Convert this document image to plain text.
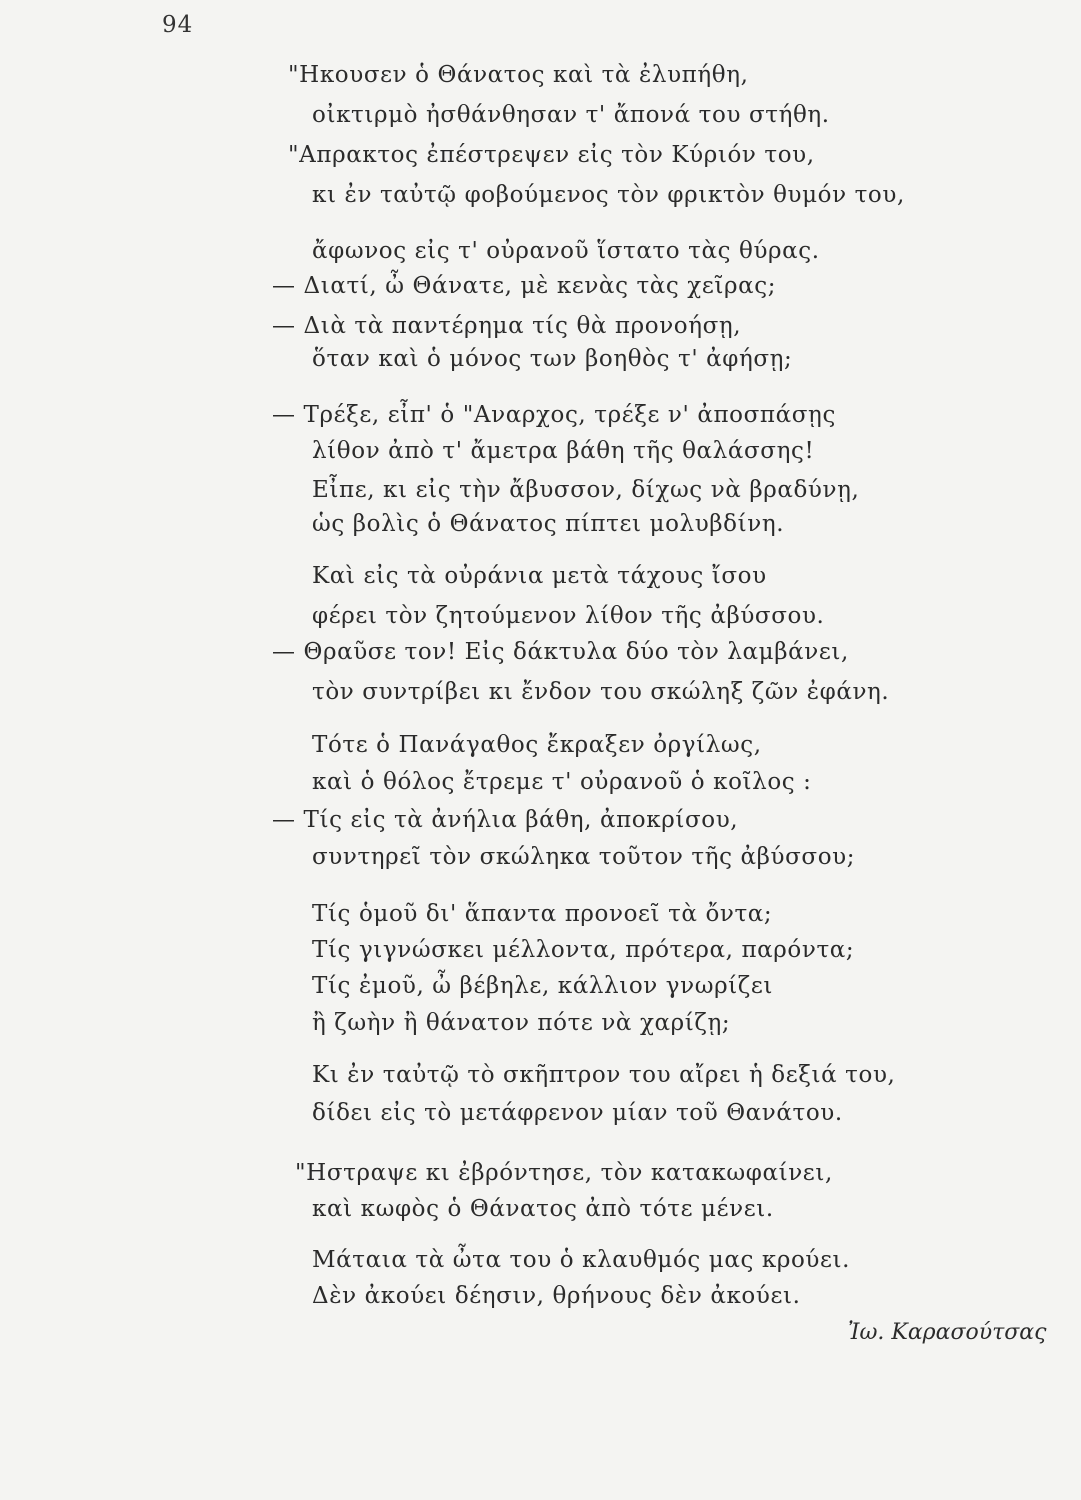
94
"Ηκουσεν ὁ Θάνατος καὶ τὰ ἐλυπήθη,
οἰκτιρμὸ ἠσθάνθησαν τ' ἄπονά του στήθη.
"Απρακτος ἐπέστρεψεν εἰς τὸν Κύριόν του,
κι ἐν ταὐτῷ φοβούμενος τὸν φρικτὸν θυμόν του,
ἄφωνος εἰς τ' οὐρανοῦ ἵστατο τὰς θύρας.
— Διατί, ὦ Θάνατε, μὲ κενὰς τὰς χεῖρας;
— Διὰ τὰ παντέρημα τίς θὰ προνοήσῃ,
ὅταν καὶ ὁ μόνος των βοηθὸς τ' ἀφήσῃ;
— Τρέξε, εἶπ' ὁ "Αναρχος, τρέξε ν' ἀποσπάσῃς
λίθον ἀπὸ τ' ἄμετρα βάθη τῆς θαλάσσης!
Εἶπε, κι εἰς τὴν ἄβυσσον, δίχως νὰ βραδύνῃ,
ὡς βολὶς ὁ Θάνατος πίπτει μολυβδίνη.
Καὶ εἰς τὰ οὐράνια μετὰ τάχους ἴσου
φέρει τὸν ζητούμενον λίθον τῆς ἀβύσσου.
— Θραῦσε τον! Εἰς δάκτυλα δύο τὸν λαμβάνει,
τὸν συντρίβει κι ἔνδον του σκώληξ ζῶν ἐφάνη.
Τότε ὁ Πανάγαθος ἔκραξεν ὀργίλως,
καὶ ὁ θόλος ἔτρεμε τ' οὐρανοῦ ὁ κοῖλος :
— Τίς εἰς τὰ ἀνήλια βάθη, ἀποκρίσου,
συντηρεῖ τὸν σκώληκα τοῦτον τῆς ἀβύσσου;
Τίς ὁμοῦ δι' ἅπαντα προνοεῖ τὰ ὄντα;
Τίς γιγνώσκει μέλλοντα, πρότερα, παρόντα;
Τίς ἐμοῦ, ὦ βέβηλε, κάλλιον γνωρίζει
ἢ ζωὴν ἢ θάνατον πότε νὰ χαρίζῃ;
Κι ἐν ταὐτῷ τὸ σκῆπτρον του αἴρει ἡ δεξιά του,
δίδει εἰς τὸ μετάφρενον μίαν τοῦ Θανάτου.
"Ηστραψε κι ἐβρόντησε, τὸν κατακωφαίνει,
καὶ κωφὸς ὁ Θάνατος ἀπὸ τότε μένει.
Μάταια τὰ ὦτα του ὁ κλαυθμός μας κρούει.
Δὲν ἀκούει δέησιν, θρήνους δὲν ἀκούει.
Ἰω. Καρασούτσας
